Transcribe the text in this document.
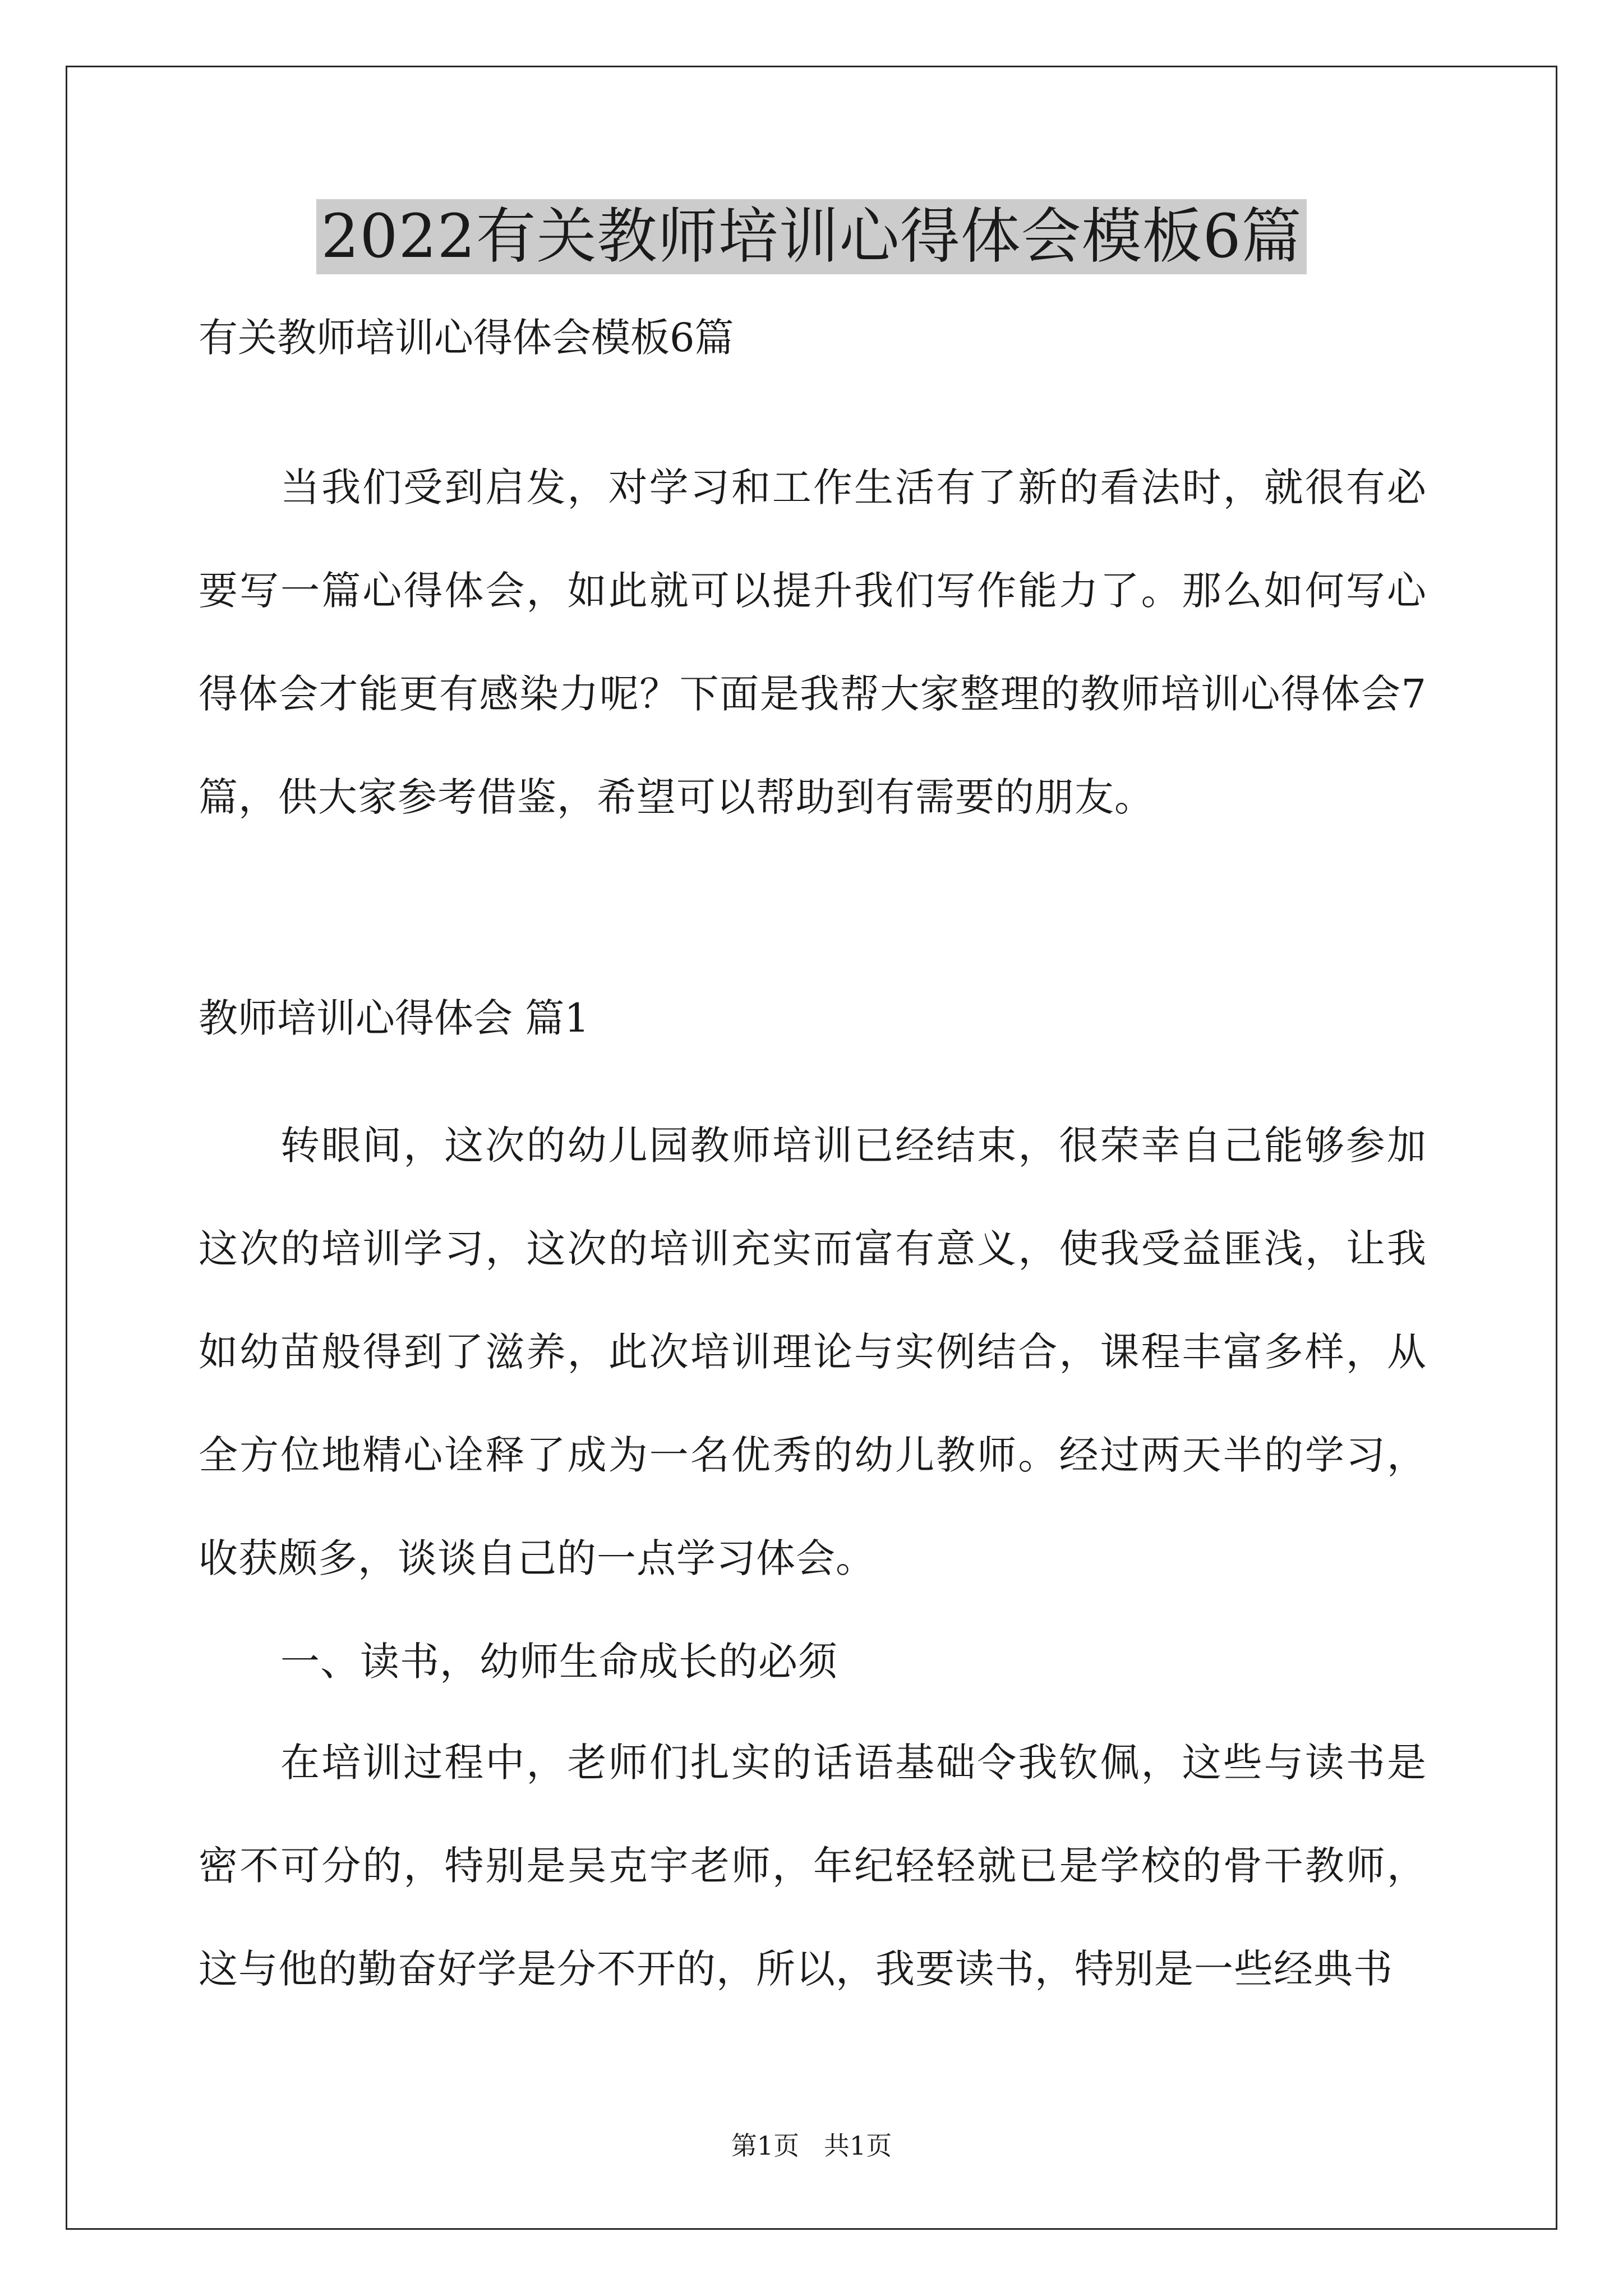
2022有关教师培训心得体会模板6篇

有关教师培训心得体会模板6篇

当我们受到启发，对学习和工作生活有了新的看法时，就很有必要写一篇心得体会，如此就可以提升我们写作能力了。那么如何写心得体会才能更有感染力呢？下面是我帮大家整理的教师培训心得体会7篇，供大家参考借鉴，希望可以帮助到有需要的朋友。

教师培训心得体会 篇1

转眼间，这次的幼儿园教师培训已经结束，很荣幸自己能够参加这次的培训学习，这次的培训充实而富有意义，使我受益匪浅，让我如幼苗般得到了滋养，此次培训理论与实例结合，课程丰富多样，从全方位地精心诠释了成为一名优秀的幼儿教师。经过两天半的学习，收获颇多，谈谈自己的一点学习体会。

一、读书，幼师生命成长的必须

在培训过程中，老师们扎实的话语基础令我钦佩，这些与读书是密不可分的，特别是吴克宇老师，年纪轻轻就已是学校的骨干教师，这与他的勤奋好学是分不开的，所以，我要读书，特别是一些经典书

第1页   共1页
